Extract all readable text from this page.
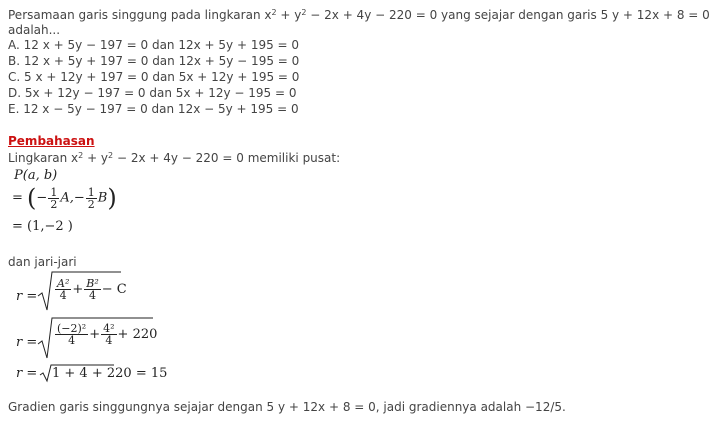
Persamaan garis singgung pada lingkaran $x^2 + y^2 - 2x + 4y - 220 = 0$ yang sejajar dengan garis 5 y + 12x + 8 = 0
adalah...
A. 12 x + 5y − 197 = 0 dan 12x + 5y + 195 = 0
B. 12 x + 5y + 197 = 0 dan 12x + 5y − 195 = 0
C. 5 x + 12y + 197 = 0 dan 5x + 12y + 195 = 0
D. 5x + 12y − 197 = 0 dan 5x + 12y − 195 = 0
E. 12 x − 5y − 197 = 0 dan 12x − 5y + 195 = 0
Pembahasan
Lingkaran $x^2 + y^2 - 2x + 4y - 220 = 0$ memiliki pusat:
P(a, b)
= (− $\frac{1}{2} A,- \frac{1}{2} B$)
= (1,−2 )
dan jari-jari
$r = \frac{\text{A²}}{4} + \frac{\text{B²}}{4} - C$
$r = \frac{\text{(−2)²}}{4} + \frac{\text{4²}}{4} + 220$
r = 1 + 4 + 220 = 15
Gradien garis singgungnya sejajar dengan 5 y + 12x + 8 = 0, jadi gradiennya adalah −12/5.
